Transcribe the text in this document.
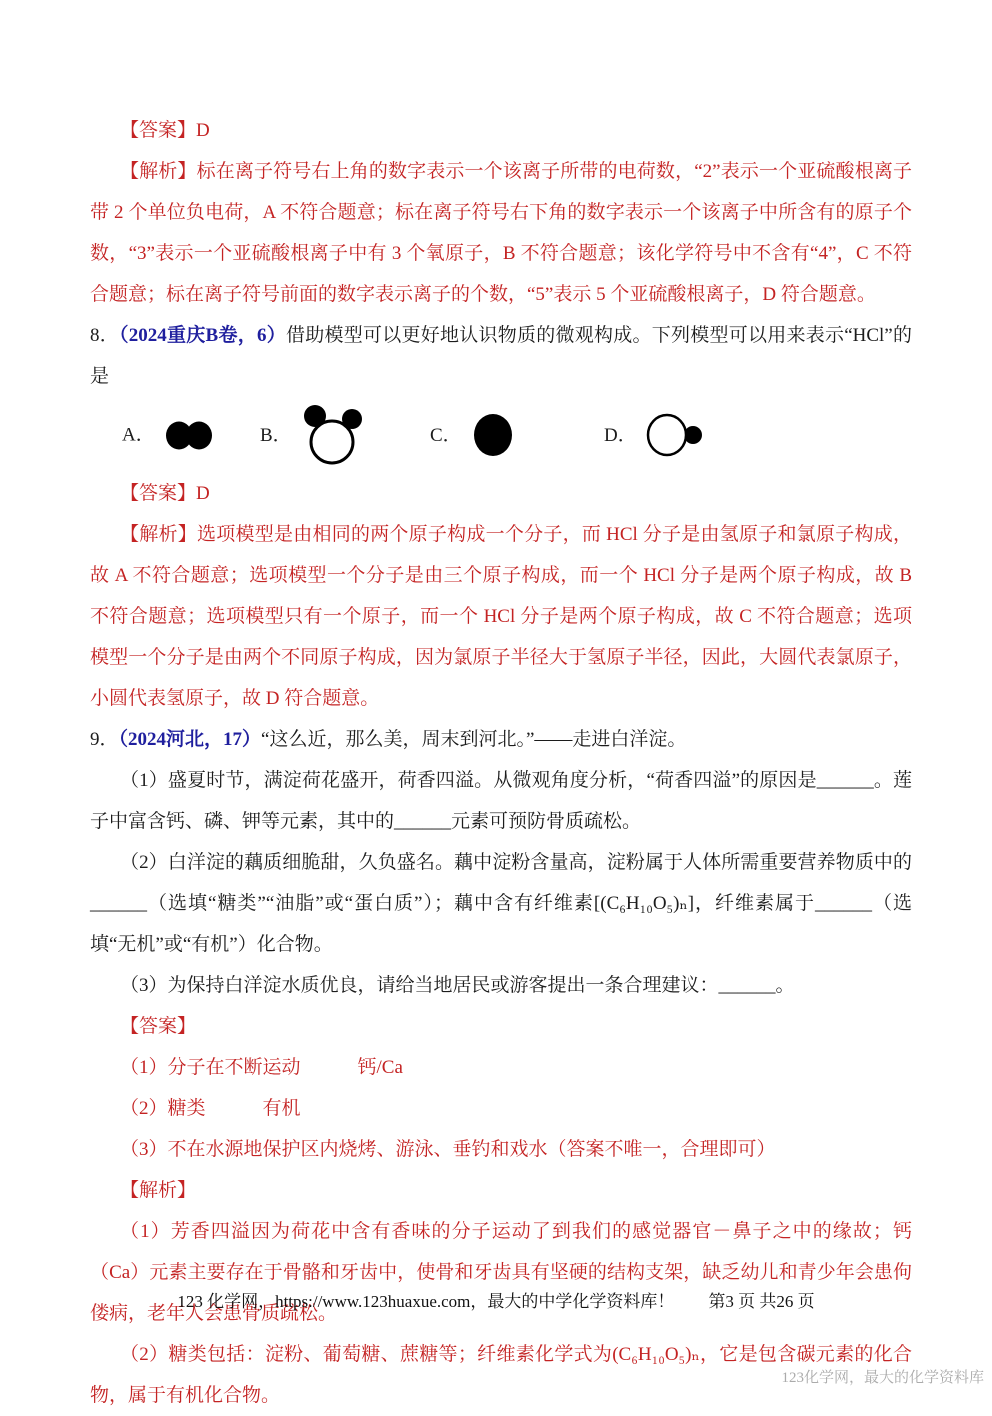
【答案】D

【解析】标在离子符号右上角的数字表示一个该离子所带的电荷数，“2”表示一个亚硫酸根离子带 2 个单位负电荷，A 不符合题意；标在离子符号右下角的数字表示一个该离子中所含有的原子个数，“3”表示一个亚硫酸根离子中有 3 个氧原子，B 不符合题意；该化学符号中不含有“4”，C 不符合题意；标在离子符号前面的数字表示离子的个数，“5”表示 5 个亚硫酸根离子，D 符合题意。

8．（2024重庆B卷，6）借助模型可以更好地认识物质的微观构成。下列模型可以用来表示“HCl”的是

A．	B．	C．	D．

【答案】D

【解析】选项模型是由相同的两个原子构成一个分子，而 HCl 分子是由氢原子和氯原子构成，故 A 不符合题意；选项模型一个分子是由三个原子构成，而一个 HCl 分子是两个原子构成，故 B 不符合题意；选项模型只有一个原子，而一个 HCl 分子是两个原子构成，故 C 不符合题意；选项模型一个分子是由两个不同原子构成，因为氯原子半径大于氢原子半径，因此，大圆代表氯原子，小圆代表氢原子，故 D 符合题意。

9．（2024河北，17）“这么近，那么美，周末到河北。”——走进白洋淀。

（1）盛夏时节，满淀荷花盛开，荷香四溢。从微观角度分析，“荷香四溢”的原因是______。莲子中富含钙、磷、钾等元素，其中的______元素可预防骨质疏松。

（2）白洋淀的藕质细脆甜，久负盛名。藕中淀粉含量高，淀粉属于人体所需重要营养物质中的______（选填“糖类”“油脂”或“蛋白质”）；藕中含有纤维素[(C₆H₁₀O₅)ₙ]，纤维素属于______（选填“无机”或“有机”）化合物。

（3）为保持白洋淀水质优良，请给当地居民或游客提出一条合理建议：______。

【答案】

（1）分子在不断运动　　　钙/Ca

（2）糖类　　　有机

（3）不在水源地保护区内烧烤、游泳、垂钓和戏水（答案不唯一，合理即可）

【解析】

（1）芳香四溢因为荷花中含有香味的分子运动了到我们的感觉器官－鼻子之中的缘故；钙（Ca）元素主要存在于骨骼和牙齿中，使骨和牙齿具有坚硬的结构支架，缺乏幼儿和青少年会患佝偻病，老年人会患骨质疏松。

（2）糖类包括：淀粉、葡萄糖、蔗糖等；纤维素化学式为(C₆H₁₀O₅)ₙ，它是包含碳元素的化合物，属于有机化合物。

123 化学网，https://www.123huaxue.com，最大的中学化学资料库！ 第3 页 共26 页
123化学网，最大的化学资料库
